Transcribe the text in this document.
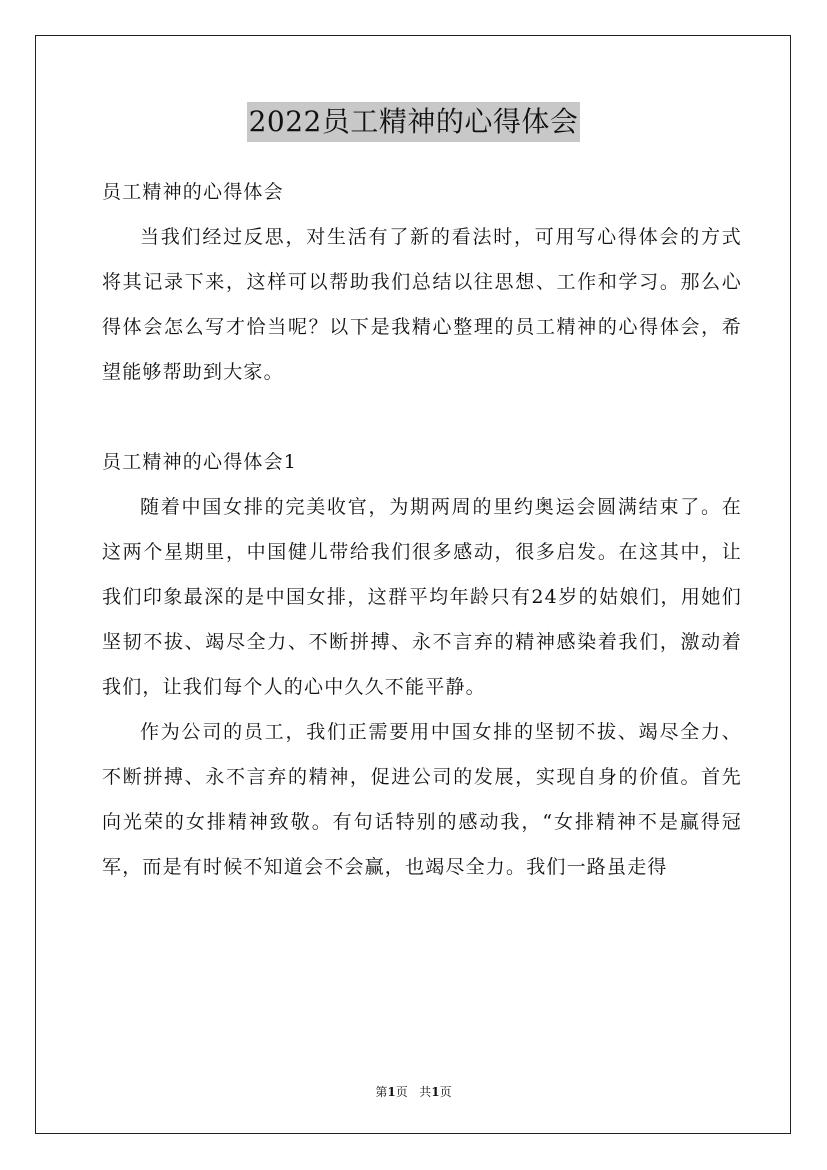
2022员工精神的心得体会

员工精神的心得体会

当我们经过反思，对生活有了新的看法时，可用写心得体会的方式将其记录下来，这样可以帮助我们总结以往思想、工作和学习。那么心得体会怎么写才恰当呢？以下是我精心整理的员工精神的心得体会，希望能够帮助到大家。

员工精神的心得体会1

随着中国女排的完美收官，为期两周的里约奥运会圆满结束了。在这两个星期里，中国健儿带给我们很多感动，很多启发。在这其中，让我们印象最深的是中国女排，这群平均年龄只有24岁的姑娘们，用她们坚韧不拔、竭尽全力、不断拼搏、永不言弃的精神感染着我们，激动着我们，让我们每个人的心中久久不能平静。

作为公司的员工，我们正需要用中国女排的坚韧不拔、竭尽全力、不断拼搏、永不言弃的精神，促进公司的发展，实现自身的价值。首先向光荣的女排精神致敬。有句话特别的感动我，“女排精神不是赢得冠军，而是有时候不知道会不会赢，也竭尽全力。我们一路虽走得

第1页   共1页
